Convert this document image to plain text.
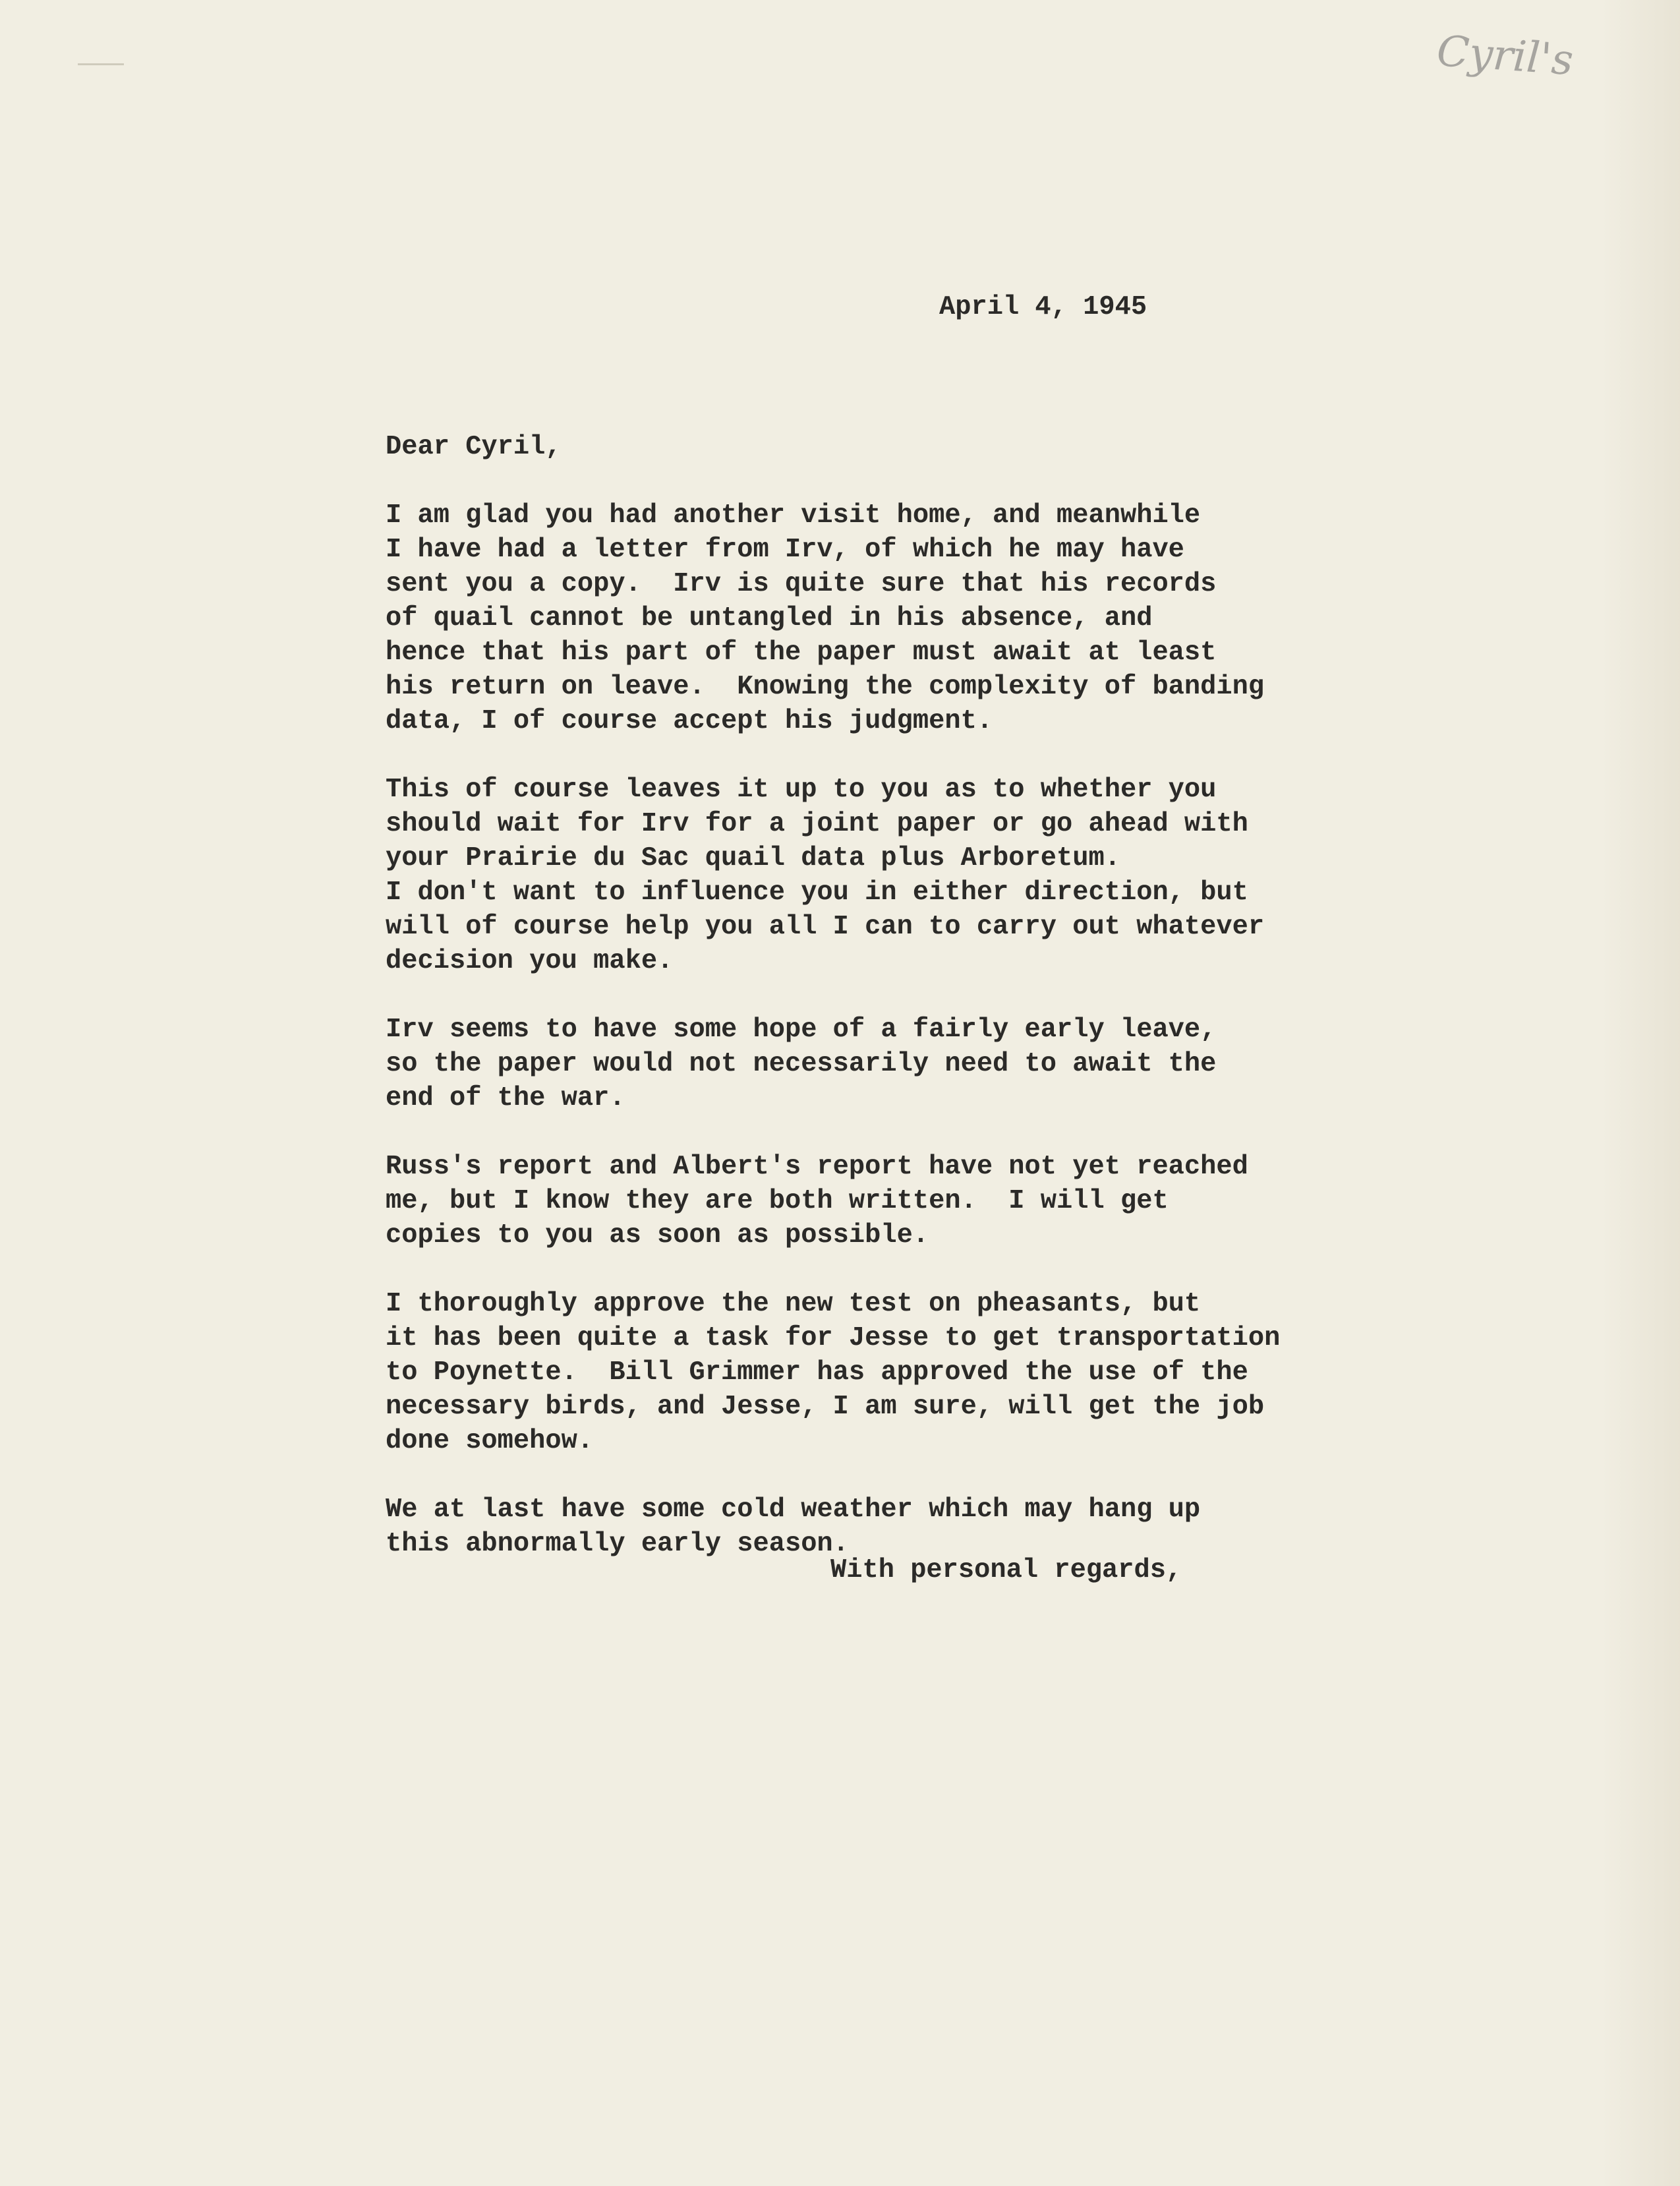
Cyril's
April 4, 1945
Dear Cyril,
I am glad you had another visit home, and meanwhile
I have had a letter from Irv, of which he may have
sent you a copy.  Irv is quite sure that his records
of quail cannot be untangled in his absence, and
hence that his part of the paper must await at least
his return on leave.  Knowing the complexity of banding
data, I of course accept his judgment.
This of course leaves it up to you as to whether you
should wait for Irv for a joint paper or go ahead with
your Prairie du Sac quail data plus Arboretum.
I don't want to influence you in either direction, but
will of course help you all I can to carry out whatever
decision you make.
Irv seems to have some hope of a fairly early leave,
so the paper would not necessarily need to await the
end of the war.
Russ's report and Albert's report have not yet reached
me, but I know they are both written.  I will get
copies to you as soon as possible.
I thoroughly approve the new test on pheasants, but
it has been quite a task for Jesse to get transportation
to Poynette.  Bill Grimmer has approved the use of the
necessary birds, and Jesse, I am sure, will get the job
done somehow.
We at last have some cold weather which may hang up
this abnormally early season.
With personal regards,
